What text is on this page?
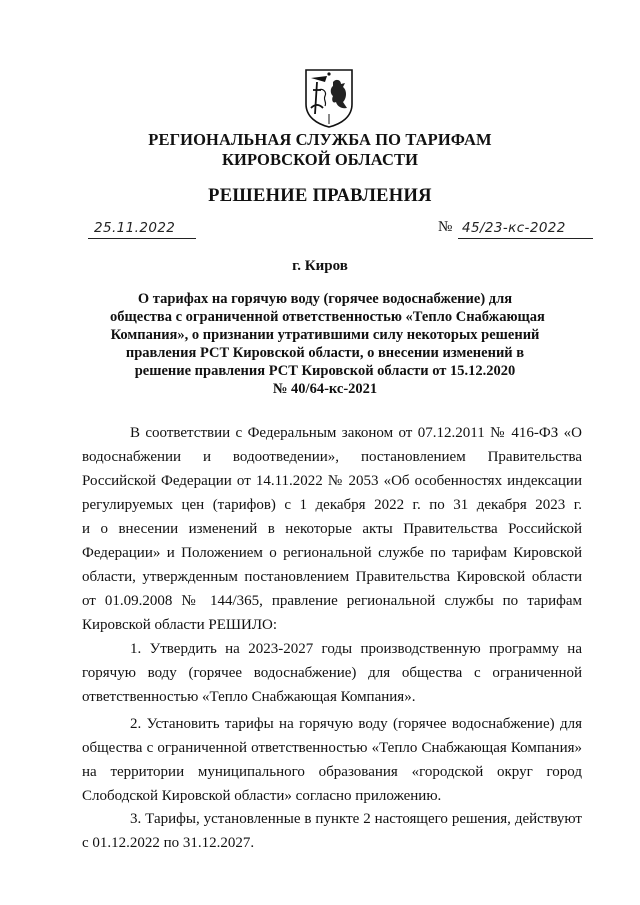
РЕГИОНАЛЬНАЯ СЛУЖБА ПО ТАРИФАМ
КИРОВСКОЙ ОБЛАСТИ
РЕШЕНИЕ ПРАВЛЕНИЯ
25.11.2022	№ 45/23-кс-2022
г. Киров
О тарифах на горячую воду (горячее водоснабжение) для
общества с ограниченной ответственностью «Тепло Снабжающая
Компания», о признании утратившими силу некоторых решений
правления РСТ Кировской области, о внесении изменений в
решение правления РСТ Кировской области от 15.12.2020
№ 40/64-кс-2021

В соответствии с Федеральным законом от 07.12.2011 № 416-ФЗ «О
водоснабжении и водоотведении», постановлением Правительства
Российской Федерации от 14.11.2022 № 2053 «Об особенностях индексации
регулируемых цен (тарифов) с 1 декабря 2022 г. по 31 декабря 2023 г.
и о внесении изменений в некоторые акты Правительства Российской
Федерации» и Положением о региональной службе по тарифам Кировской
области, утвержденным постановлением Правительства Кировской области
от 01.09.2008 № 144/365, правление региональной службы по тарифам
Кировской области РЕШИЛО:

1. Утвердить на 2023-2027 годы производственную программу на
горячую воду (горячее водоснабжение) для общества с ограниченной
ответственностью «Тепло Снабжающая Компания».

2. Установить тарифы на горячую воду (горячее водоснабжение) для
общества с ограниченной ответственностью «Тепло Снабжающая Компания»
на территории муниципального образования «городской округ город
Слободской Кировской области» согласно приложению.

3. Тарифы, установленные в пункте 2 настоящего решения, действуют
с 01.12.2022 по 31.12.2027.
